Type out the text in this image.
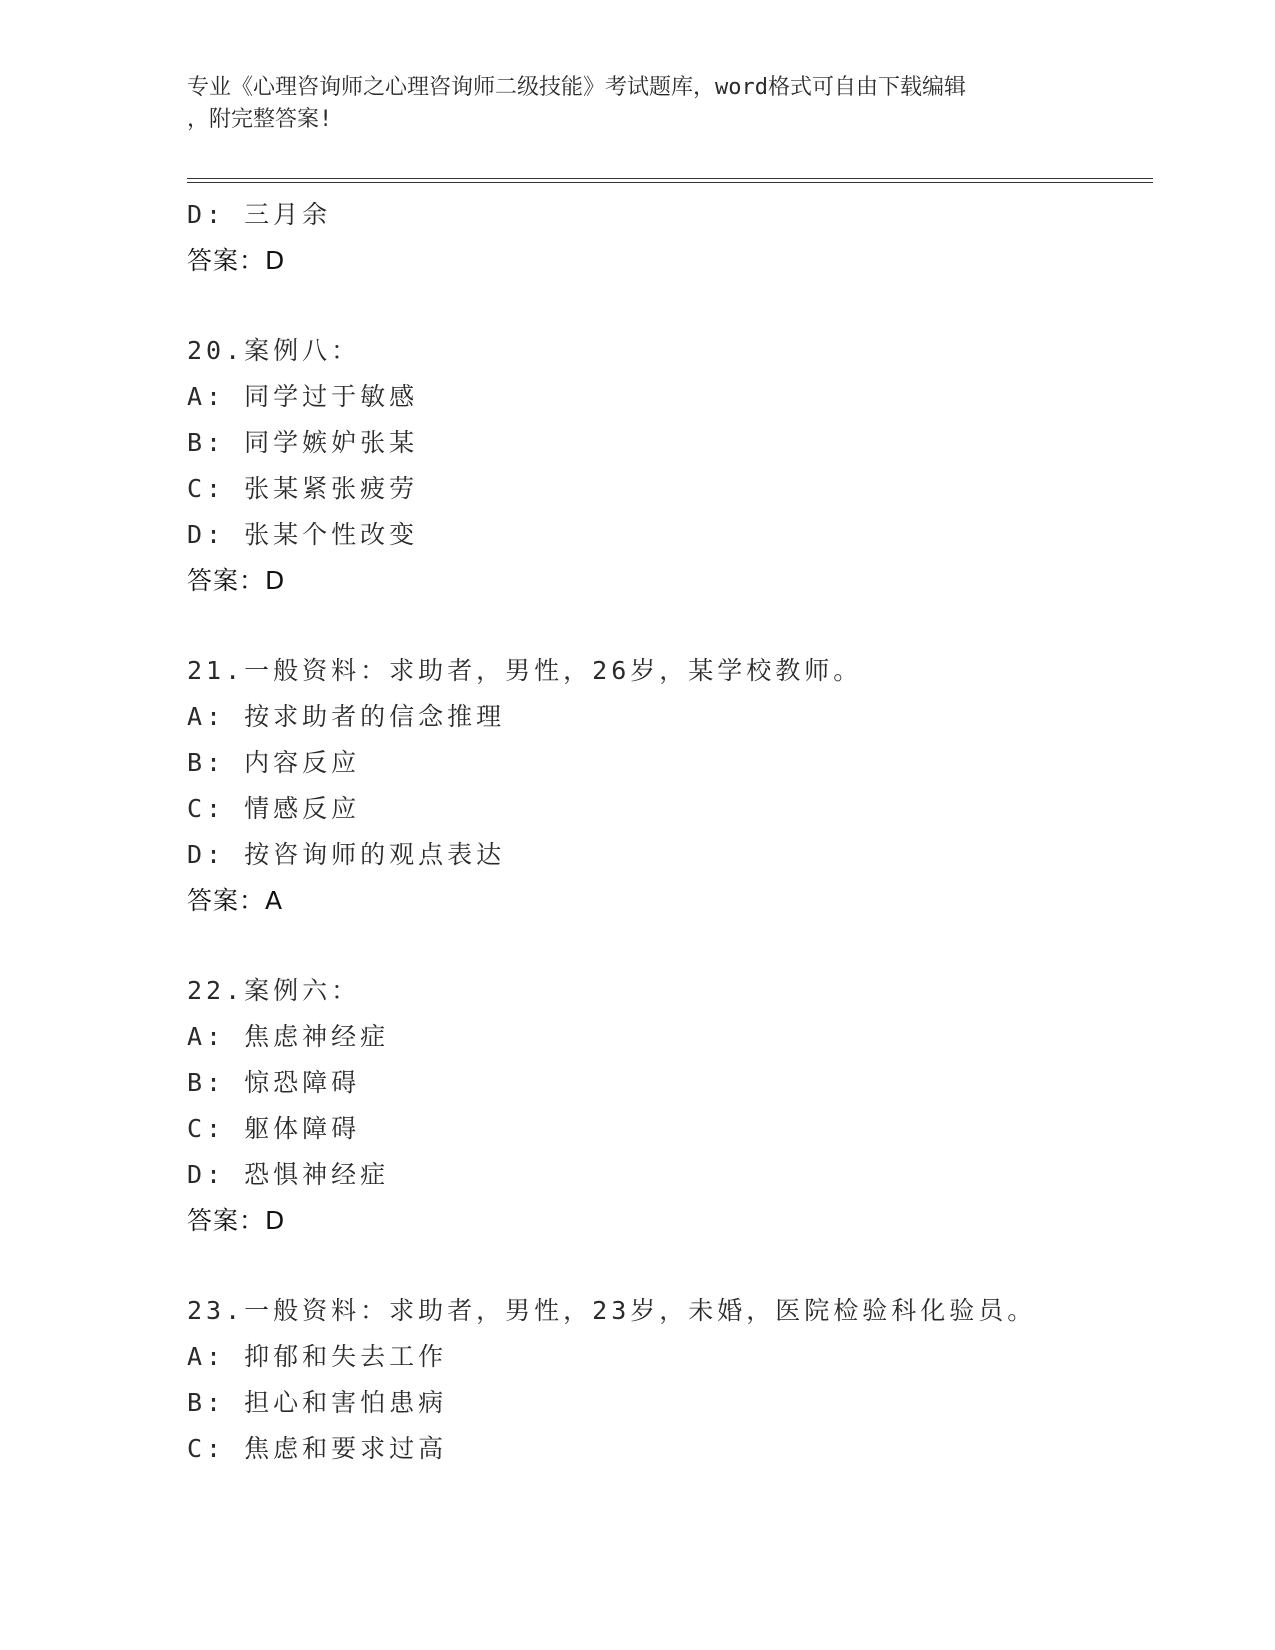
专业《心理咨询师之心理咨询师二级技能》考试题库，word格式可自由下载编辑

，附完整答案!

D: 三月余
答案：D
20.案例八：
A: 同学过于敏感
B: 同学嫉妒张某
C: 张某紧张疲劳
D: 张某个性改变
答案：D
21.一般资料：求助者，男性，26岁，某学校教师。
A: 按求助者的信念推理
B: 内容反应
C: 情感反应
D: 按咨询师的观点表达
答案：A
22.案例六：
A: 焦虑神经症
B: 惊恐障碍
C: 躯体障碍
D: 恐惧神经症
答案：D
23.一般资料：求助者，男性，23岁，未婚，医院检验科化验员。
A: 抑郁和失去工作
B: 担心和害怕患病
C: 焦虑和要求过高
